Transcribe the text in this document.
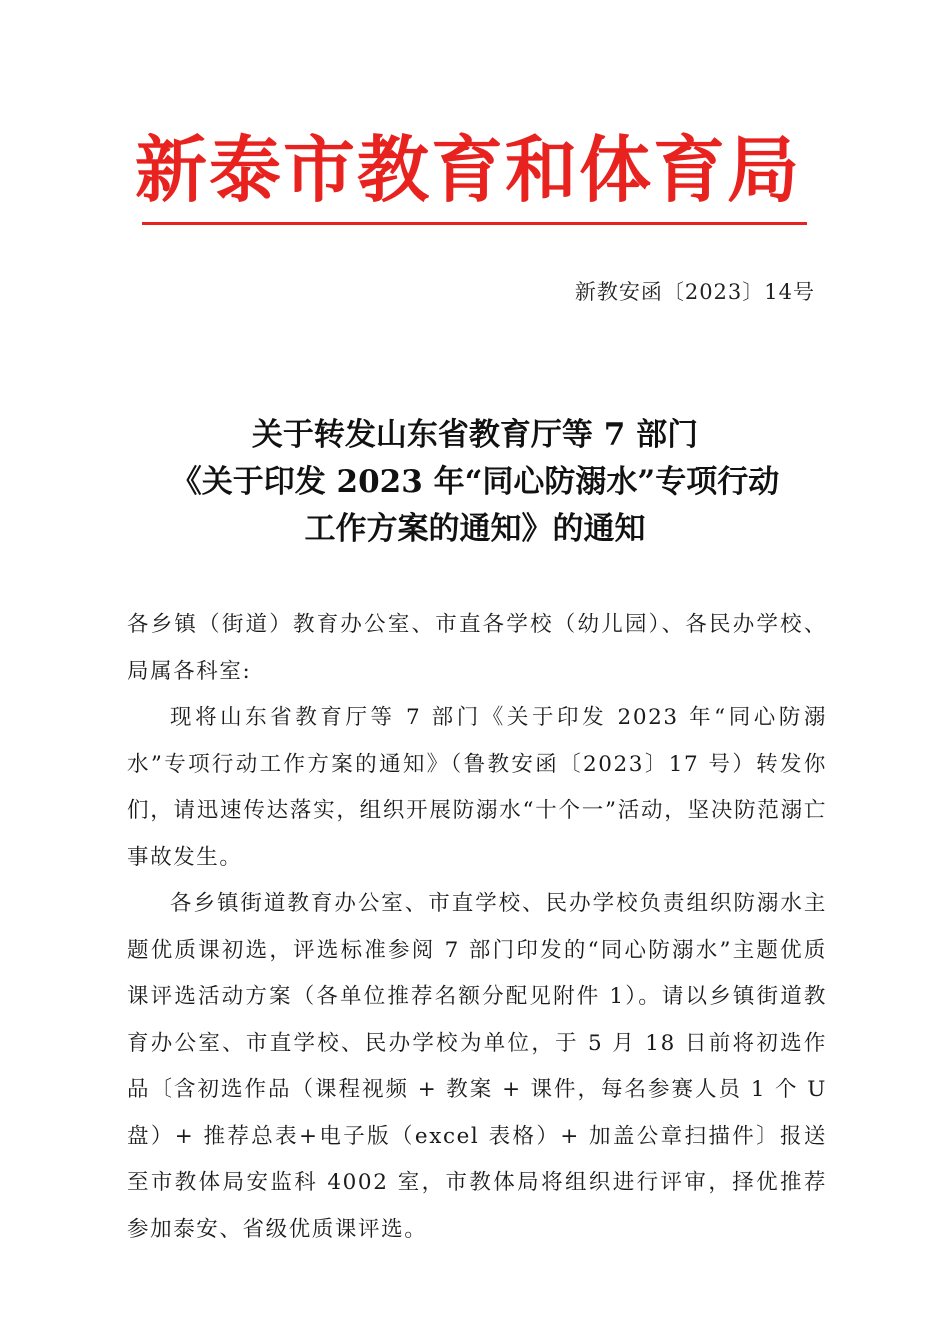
新泰市教育和体育局
新教安函〔2023〕14号
关于转发山东省教育厅等 7 部门
《关于印发 2023 年“同心防溺水”专项行动
工作方案的通知》的通知

各乡镇（街道）教育办公室、市直各学校（幼儿园）、各民办学校、局属各科室:

现将山东省教育厅等 7 部门《关于印发 2023 年“同心防溺水”专项行动工作方案的通知》（鲁教安函〔2023〕17 号）转发你们，请迅速传达落实，组织开展防溺水“十个一”活动，坚决防范溺亡事故发生。

各乡镇街道教育办公室、市直学校、民办学校负责组织防溺水主题优质课初选，评选标准参阅 7 部门印发的“同心防溺水”主题优质课评选活动方案（各单位推荐名额分配见附件 1）。请以乡镇街道教育办公室、市直学校、民办学校为单位，于 5 月 18 日前将初选作品〔含初选作品（课程视频 + 教案 + 课件，每名参赛人员 1 个 U 盘）+ 推荐总表+电子版（excel 表格）+ 加盖公章扫描件〕报送至市教体局安监科 4002 室，市教体局将组织进行评审，择优推荐参加泰安、省级优质课评选。
